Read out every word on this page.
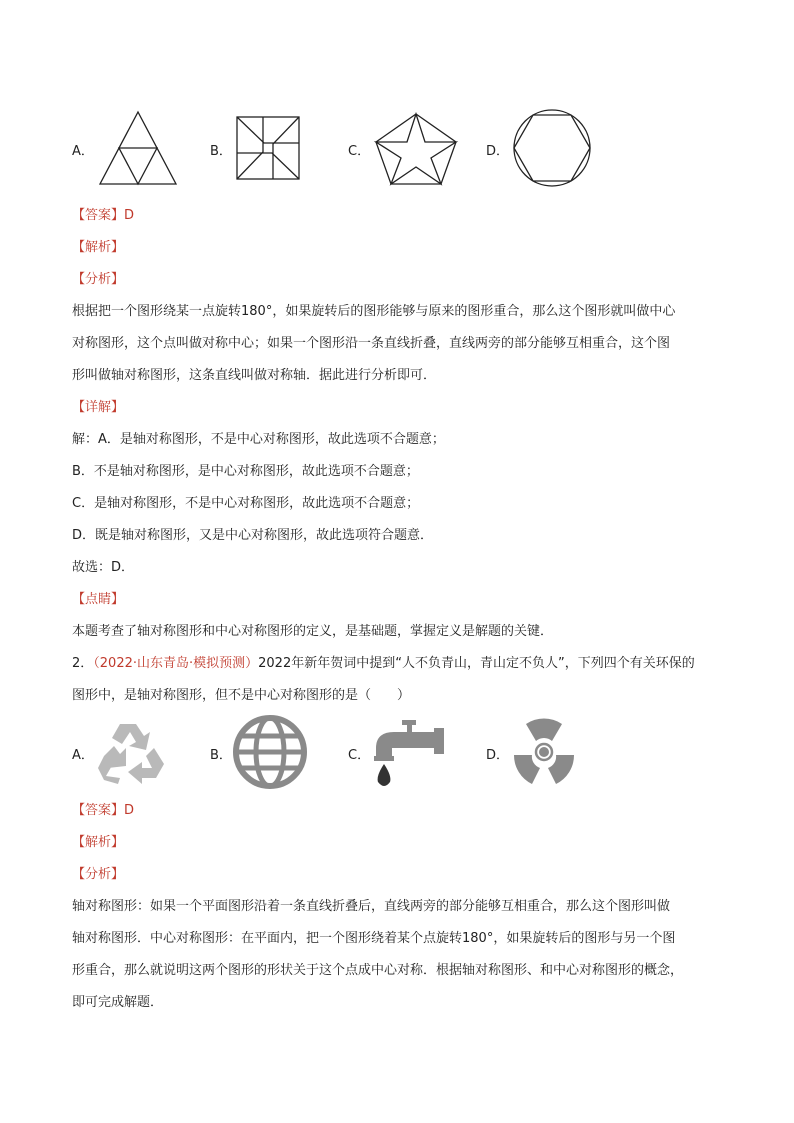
A．	B．	C．	D．
【答案】D
【解析】
【分析】
根据把一个图形绕某一点旋转180°，如果旋转后的图形能够与原来的图形重合，那么这个图形就叫做中心
对称图形，这个点叫做对称中心；如果一个图形沿一条直线折叠，直线两旁的部分能够互相重合，这个图
形叫做轴对称图形，这条直线叫做对称轴．据此进行分析即可．
【详解】
解：A．是轴对称图形，不是中心对称图形，故此选项不合题意；
B．不是轴对称图形，是中心对称图形，故此选项不合题意；
C．是轴对称图形，不是中心对称图形，故此选项不合题意；
D．既是轴对称图形，又是中心对称图形，故此选项符合题意．
故选：D．
【点睛】
本题考查了轴对称图形和中心对称图形的定义，是基础题，掌握定义是解题的关键．
2．（2022·山东青岛·模拟预测）2022年新年贺词中提到“人不负青山，青山定不负人”，下列四个有关环保的
图形中，是轴对称图形，但不是中心对称图形的是（　　）
A．	B．	C．	D．
【答案】D
【解析】
【分析】
轴对称图形：如果一个平面图形沿着一条直线折叠后，直线两旁的部分能够互相重合，那么这个图形叫做
轴对称图形．中心对称图形：在平面内，把一个图形绕着某个点旋转180°，如果旋转后的图形与另一个图
形重合，那么就说明这两个图形的形状关于这个点成中心对称．根据轴对称图形、和中心对称图形的概念，
即可完成解题．
